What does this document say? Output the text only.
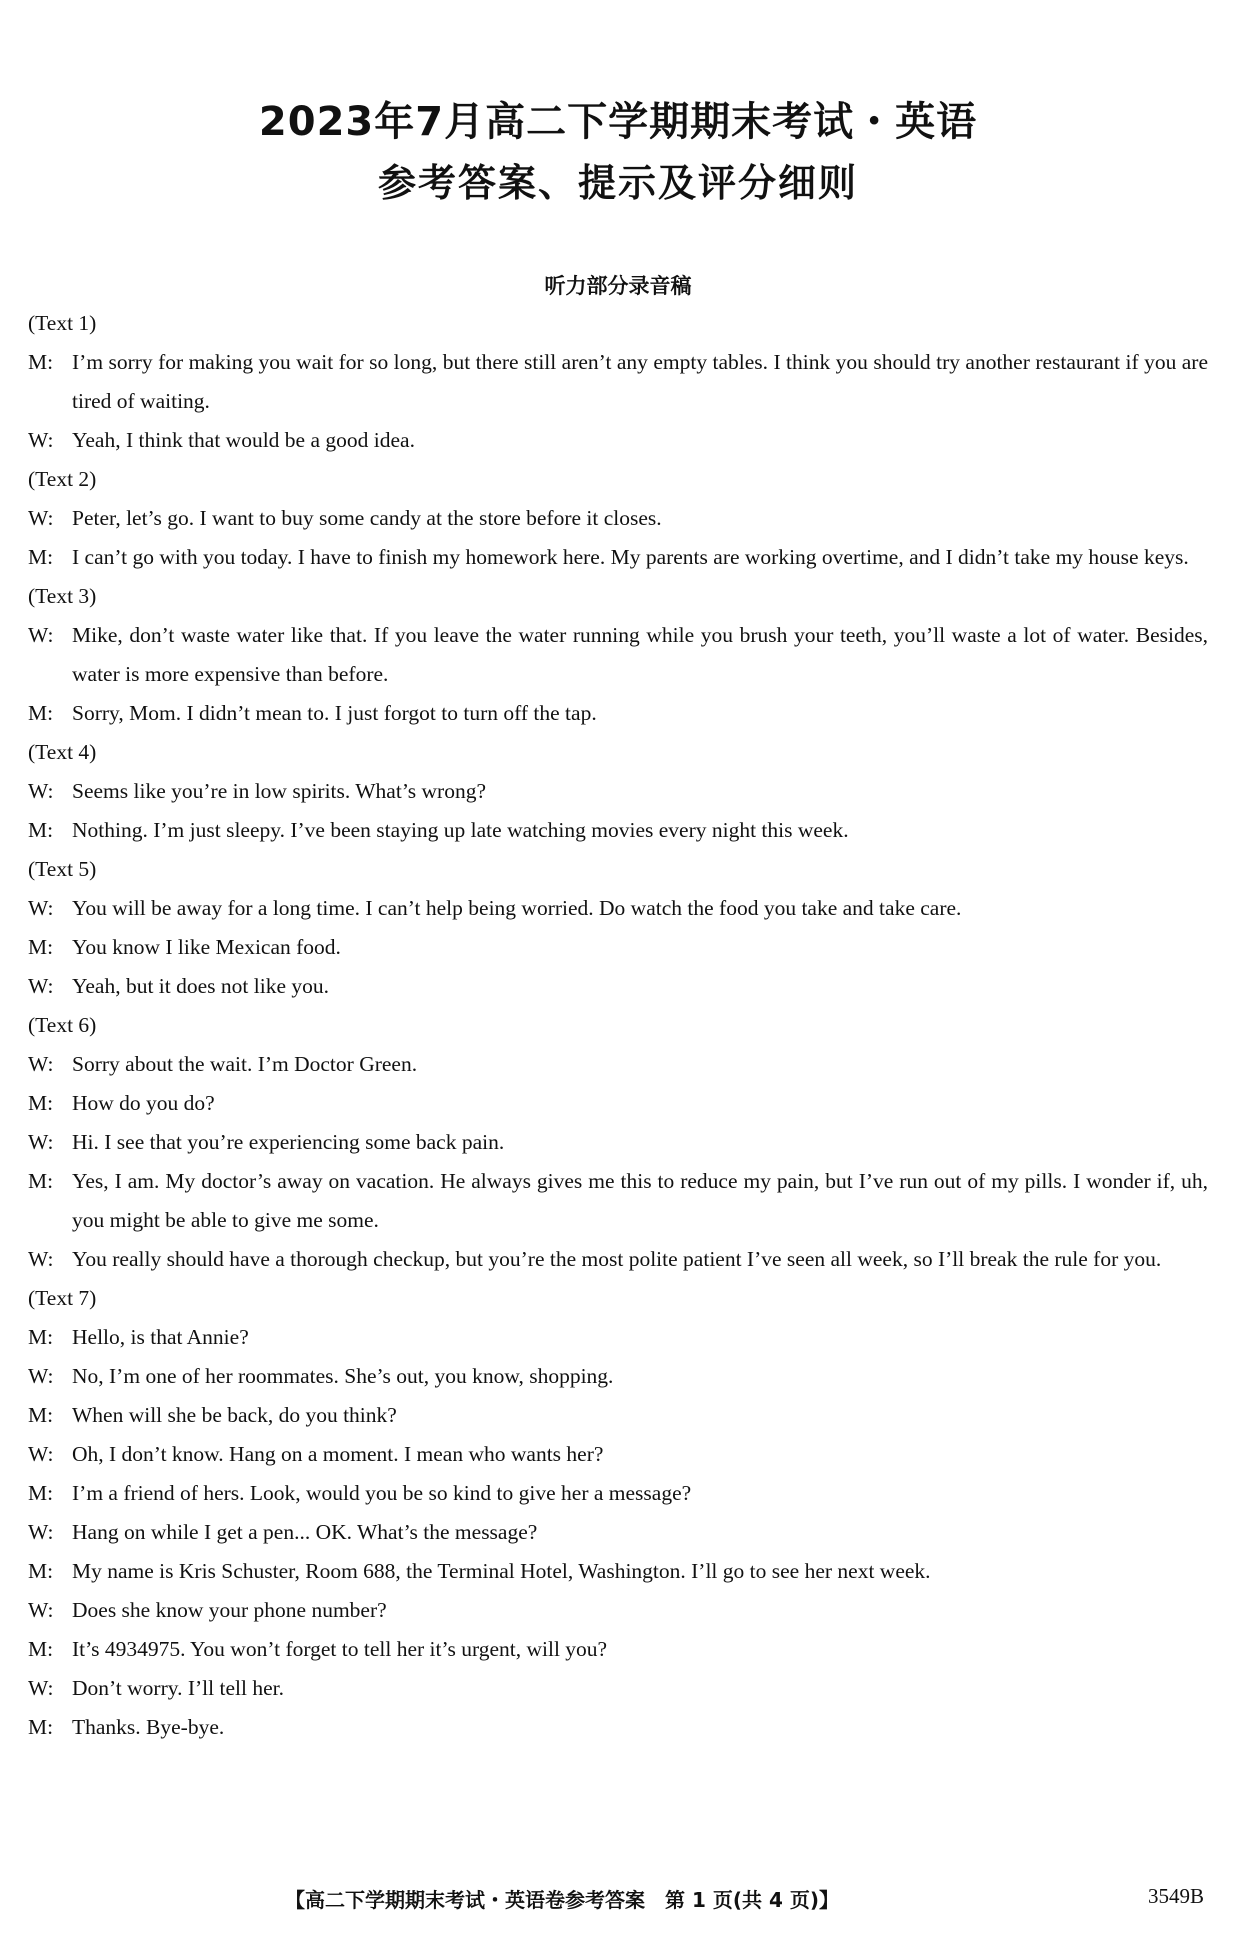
2023年7月高二下学期期末考试・英语
参考答案、提示及评分细则
听力部分录音稿
(Text 1)
M: I’m sorry for making you wait for so long, but there still aren’t any empty tables. I think you should try another restaurant if you are tired of waiting.
W: Yeah, I think that would be a good idea.
(Text 2)
W: Peter, let’s go. I want to buy some candy at the store before it closes.
M: I can’t go with you today. I have to finish my homework here. My parents are working overtime, and I didn’t take my house keys.
(Text 3)
W: Mike, don’t waste water like that. If you leave the water running while you brush your teeth, you’ll waste a lot of water. Besides, water is more expensive than before.
M: Sorry, Mom. I didn’t mean to. I just forgot to turn off the tap.
(Text 4)
W: Seems like you’re in low spirits. What’s wrong?
M: Nothing. I’m just sleepy. I’ve been staying up late watching movies every night this week.
(Text 5)
W: You will be away for a long time. I can’t help being worried. Do watch the food you take and take care.
M: You know I like Mexican food.
W: Yeah, but it does not like you.
(Text 6)
W: Sorry about the wait. I’m Doctor Green.
M: How do you do?
W: Hi. I see that you’re experiencing some back pain.
M: Yes, I am. My doctor’s away on vacation. He always gives me this to reduce my pain, but I’ve run out of my pills. I wonder if, uh, you might be able to give me some.
W: You really should have a thorough checkup, but you’re the most polite patient I’ve seen all week, so I’ll break the rule for you.
(Text 7)
M: Hello, is that Annie?
W: No, I’m one of her roommates. She’s out, you know, shopping.
M: When will she be back, do you think?
W: Oh, I don’t know. Hang on a moment. I mean who wants her?
M: I’m a friend of hers. Look, would you be so kind to give her a message?
W: Hang on while I get a pen... OK. What’s the message?
M: My name is Kris Schuster, Room 688, the Terminal Hotel, Washington. I’ll go to see her next week.
W: Does she know your phone number?
M: It’s 4934975. You won’t forget to tell her it’s urgent, will you?
W: Don’t worry. I’ll tell her.
M: Thanks. Bye-bye.
【高二下学期期末考试・英语卷参考答案　第 1 页(共 4 页)】	3549B
